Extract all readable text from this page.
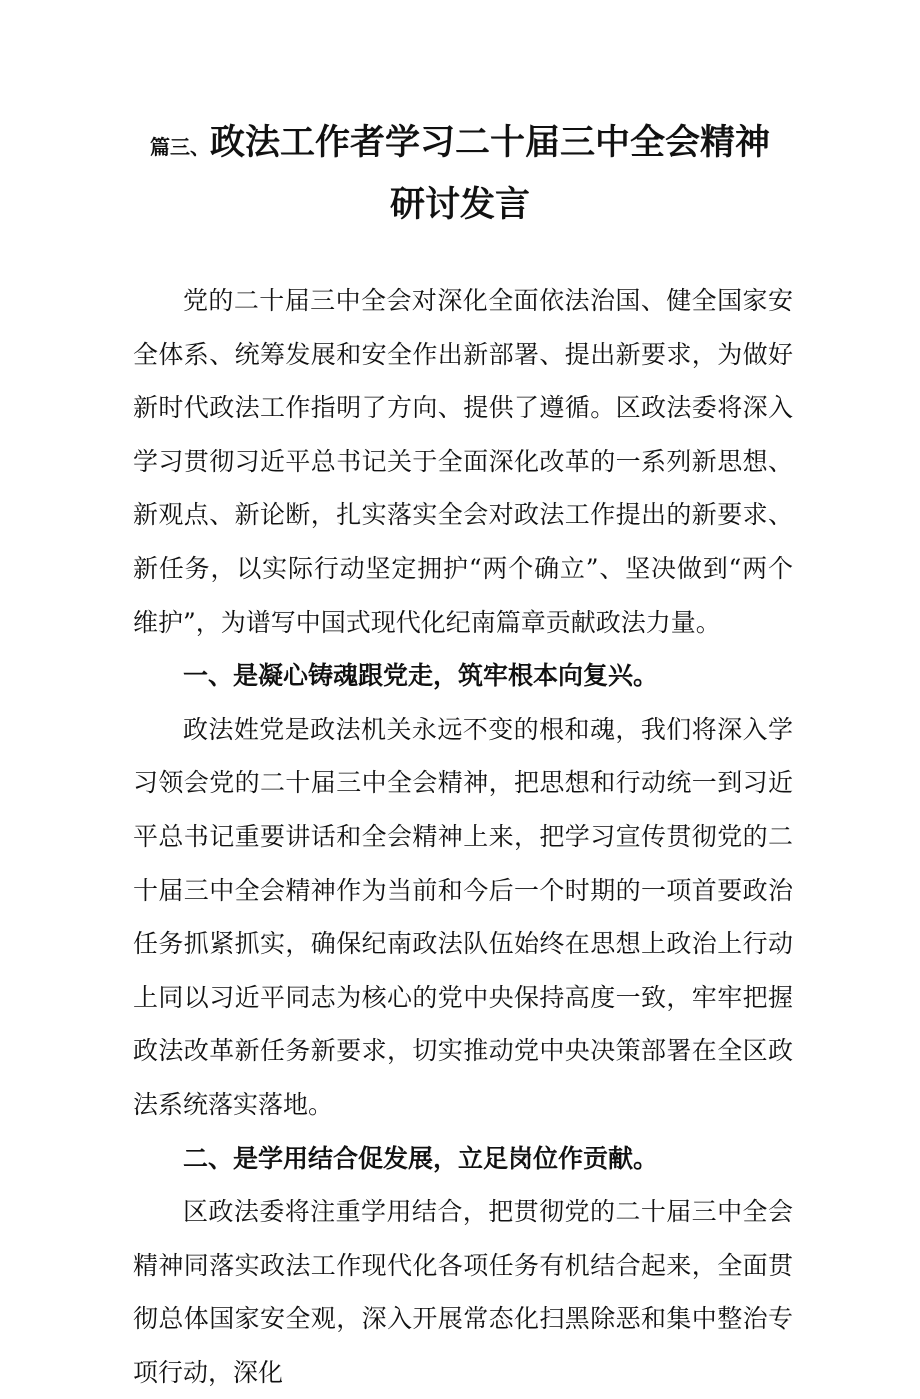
篇三、政法工作者学习二十届三中全会精神
研讨发言

党的二十届三中全会对深化全面依法治国、健全国家安全体系、统筹发展和安全作出新部署、提出新要求，为做好新时代政法工作指明了方向、提供了遵循。区政法委将深入学习贯彻习近平总书记关于全面深化改革的一系列新思想、新观点、新论断，扎实落实全会对政法工作提出的新要求、新任务，以实际行动坚定拥护“两个确立”、坚决做到“两个维护”，为谱写中国式现代化纪南篇章贡献政法力量。

一、是凝心铸魂跟党走，筑牢根本向复兴。

政法姓党是政法机关永远不变的根和魂，我们将深入学习领会党的二十届三中全会精神，把思想和行动统一到习近平总书记重要讲话和全会精神上来，把学习宣传贯彻党的二十届三中全会精神作为当前和今后一个时期的一项首要政治任务抓紧抓实，确保纪南政法队伍始终在思想上政治上行动上同以习近平同志为核心的党中央保持高度一致，牢牢把握政法改革新任务新要求，切实推动党中央决策部署在全区政法系统落实落地。

二、是学用结合促发展，立足岗位作贡献。

区政法委将注重学用结合，把贯彻党的二十届三中全会精神同落实政法工作现代化各项任务有机结合起来，全面贯彻总体国家安全观，深入开展常态化扫黑除恶和集中整治专项行动，深化
